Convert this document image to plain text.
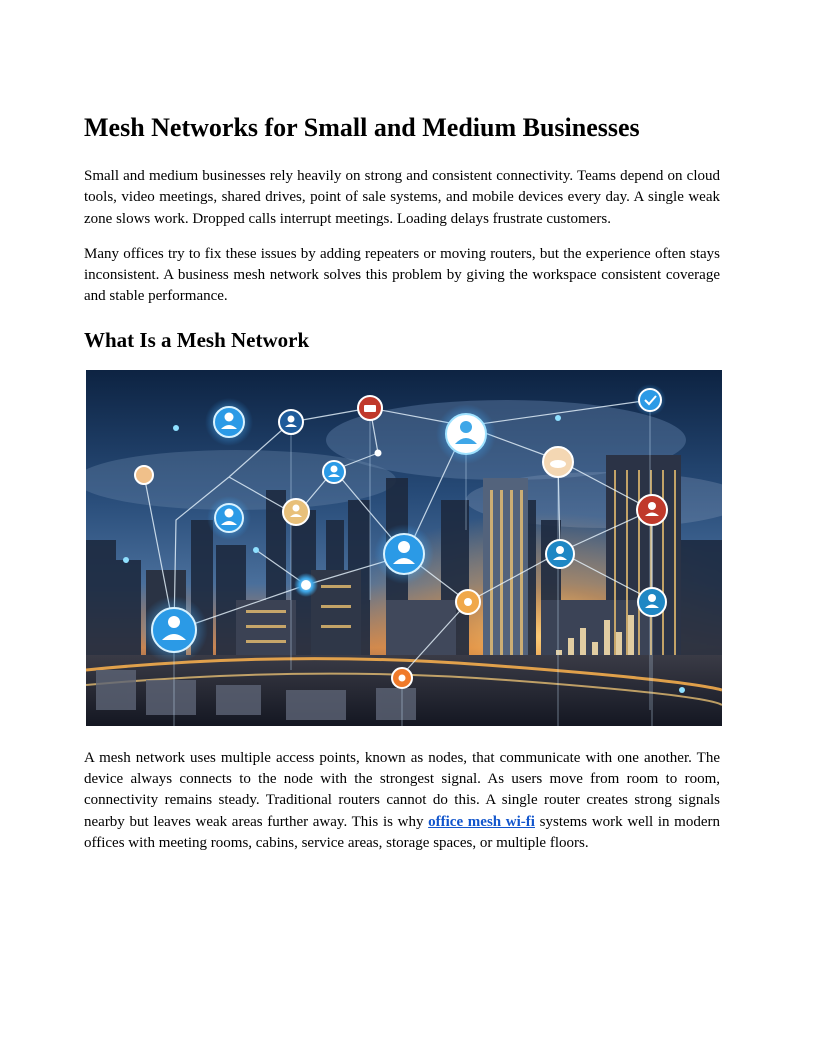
Mesh Networks for Small and Medium Businesses

Small and medium businesses rely heavily on strong and consistent connectivity. Teams depend on cloud tools, video meetings, shared drives, point of sale systems, and mobile devices every day. A single weak zone slows work. Dropped calls interrupt meetings. Loading delays frustrate customers.

Many offices try to fix these issues by adding repeaters or moving routers, but the experience often stays inconsistent. A business mesh network solves this problem by giving the workspace consistent coverage and stable performance.

What Is a Mesh Network

A mesh network uses multiple access points, known as nodes, that communicate with one another. The device always connects to the node with the strongest signal. As users move from room to room, connectivity remains steady. Traditional routers cannot do this. A single router creates strong signals nearby but leaves weak areas further away. This is why office mesh wi-fi systems work well in modern offices with meeting rooms, cabins, service areas, storage spaces, or multiple floors.
